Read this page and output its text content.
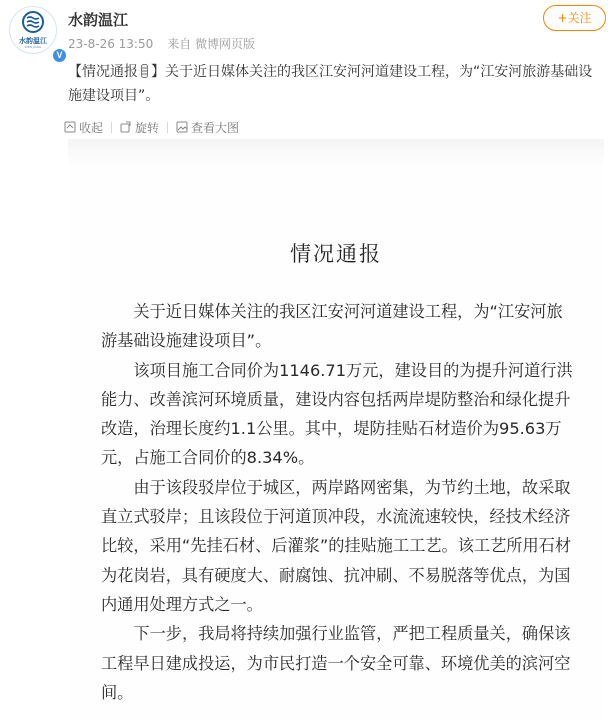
水韵温江
WEN JIANG
V
水韵温江
23-8-26 13:50 来自 微博网页版
+关注
【情况通报 】关于近日媒体关注的我区江安河河道建设工程，为“江安河旅游基础设施建设项目”。
收起	旋转	查看大图
情况通报

关于近日媒体关注的我区江安河河道建设工程，为“江安河旅游基础设施建设项目”。

该项目施工合同价为1146.71万元，建设目的为提升河道行洪能力、改善滨河环境质量，建设内容包括两岸堤防整治和绿化提升改造，治理长度约1.1公里。其中，堤防挂贴石材造价为95.63万元，占施工合同价的8.34%。

由于该段驳岸位于城区，两岸路网密集，为节约土地，故采取直立式驳岸；且该段位于河道顶冲段，水流流速较快，经技术经济比较，采用“先挂石材、后灌浆”的挂贴施工工艺。该工艺所用石材为花岗岩，具有硬度大、耐腐蚀、抗冲刷、不易脱落等优点，为国内通用处理方式之一。

下一步，我局将持续加强行业监管，严把工程质量关，确保该工程早日建成投运，为市民打造一个安全可靠、环境优美的滨河空间。
